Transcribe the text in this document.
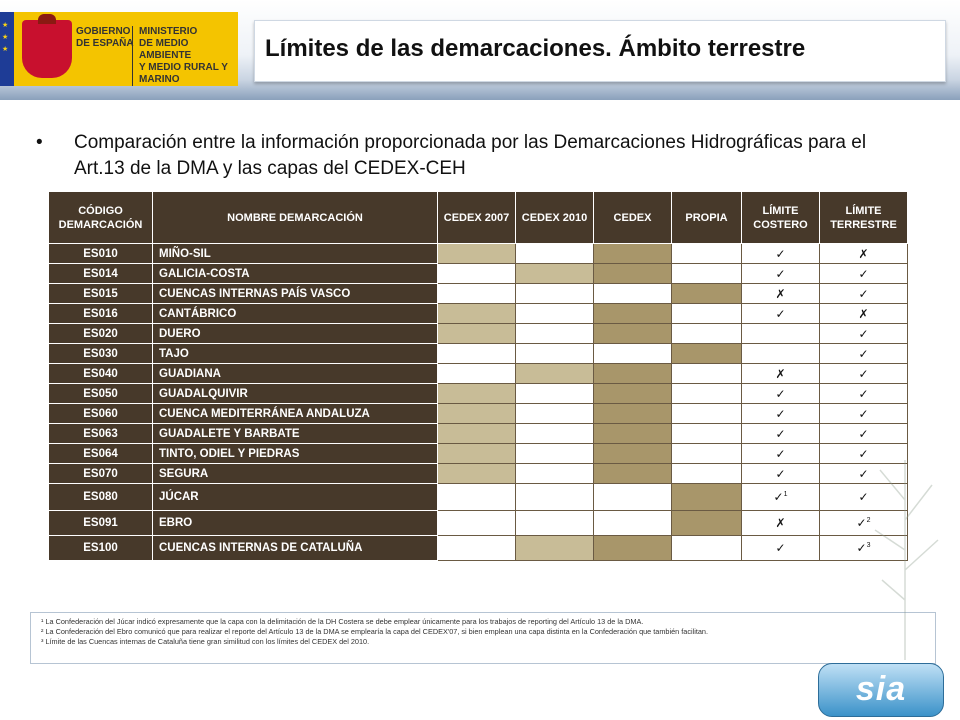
★ ★ ★
GOBIERNO
DE ESPAÑA
MINISTERIO
DE MEDIO AMBIENTE
Y MEDIO RURAL Y MARINO
Límites de las demarcaciones. Ámbito terrestre
• Comparación entre la información proporcionada por las Demarcaciones Hidrográficas para el Art.13 de la DMA y las capas del CEDEX-CEH
CÓDIGO DEMARCACIÓN	NOMBRE DEMARCACIÓN	CEDEX 2007	CEDEX 2010	CEDEX	PROPIA	LÍMITE COSTERO	LÍMITE TERRESTRE
ES010	MIÑO-SIL					✓	✗
ES014	GALICIA-COSTA					✓	✓
ES015	CUENCAS INTERNAS PAÍS VASCO					✗	✓
ES016	CANTÁBRICO					✓	✗
ES020	DUERO						✓
ES030	TAJO						✓
ES040	GUADIANA					✗	✓
ES050	GUADALQUIVIR					✓	✓
ES060	CUENCA MEDITERRÁNEA ANDALUZA					✓	✓
ES063	GUADALETE Y BARBATE					✓	✓
ES064	TINTO, ODIEL Y PIEDRAS					✓	✓
ES070	SEGURA					✓	✓
ES080	JÚCAR					✓$^1$	✓
ES091	EBRO					✗	✓$^2$
ES100	CUENCAS INTERNAS DE CATALUÑA					✓	✓$^3$
¹ La Confederación del Júcar indicó expresamente que la capa con la delimitación de la DH Costera se debe emplear únicamente para los trabajos de reporting del Artículo 13 de la DMA.
² La Confederación del Ebro comunicó que para realizar el reporte del Artículo 13 de la DMA se emplearía la capa del CEDEX'07, si bien emplean una capa distinta en la Confederación que también facilitan.
³ Límite de las Cuencas internas de Cataluña tiene gran similitud con los límites del CEDEX del 2010.
sia
